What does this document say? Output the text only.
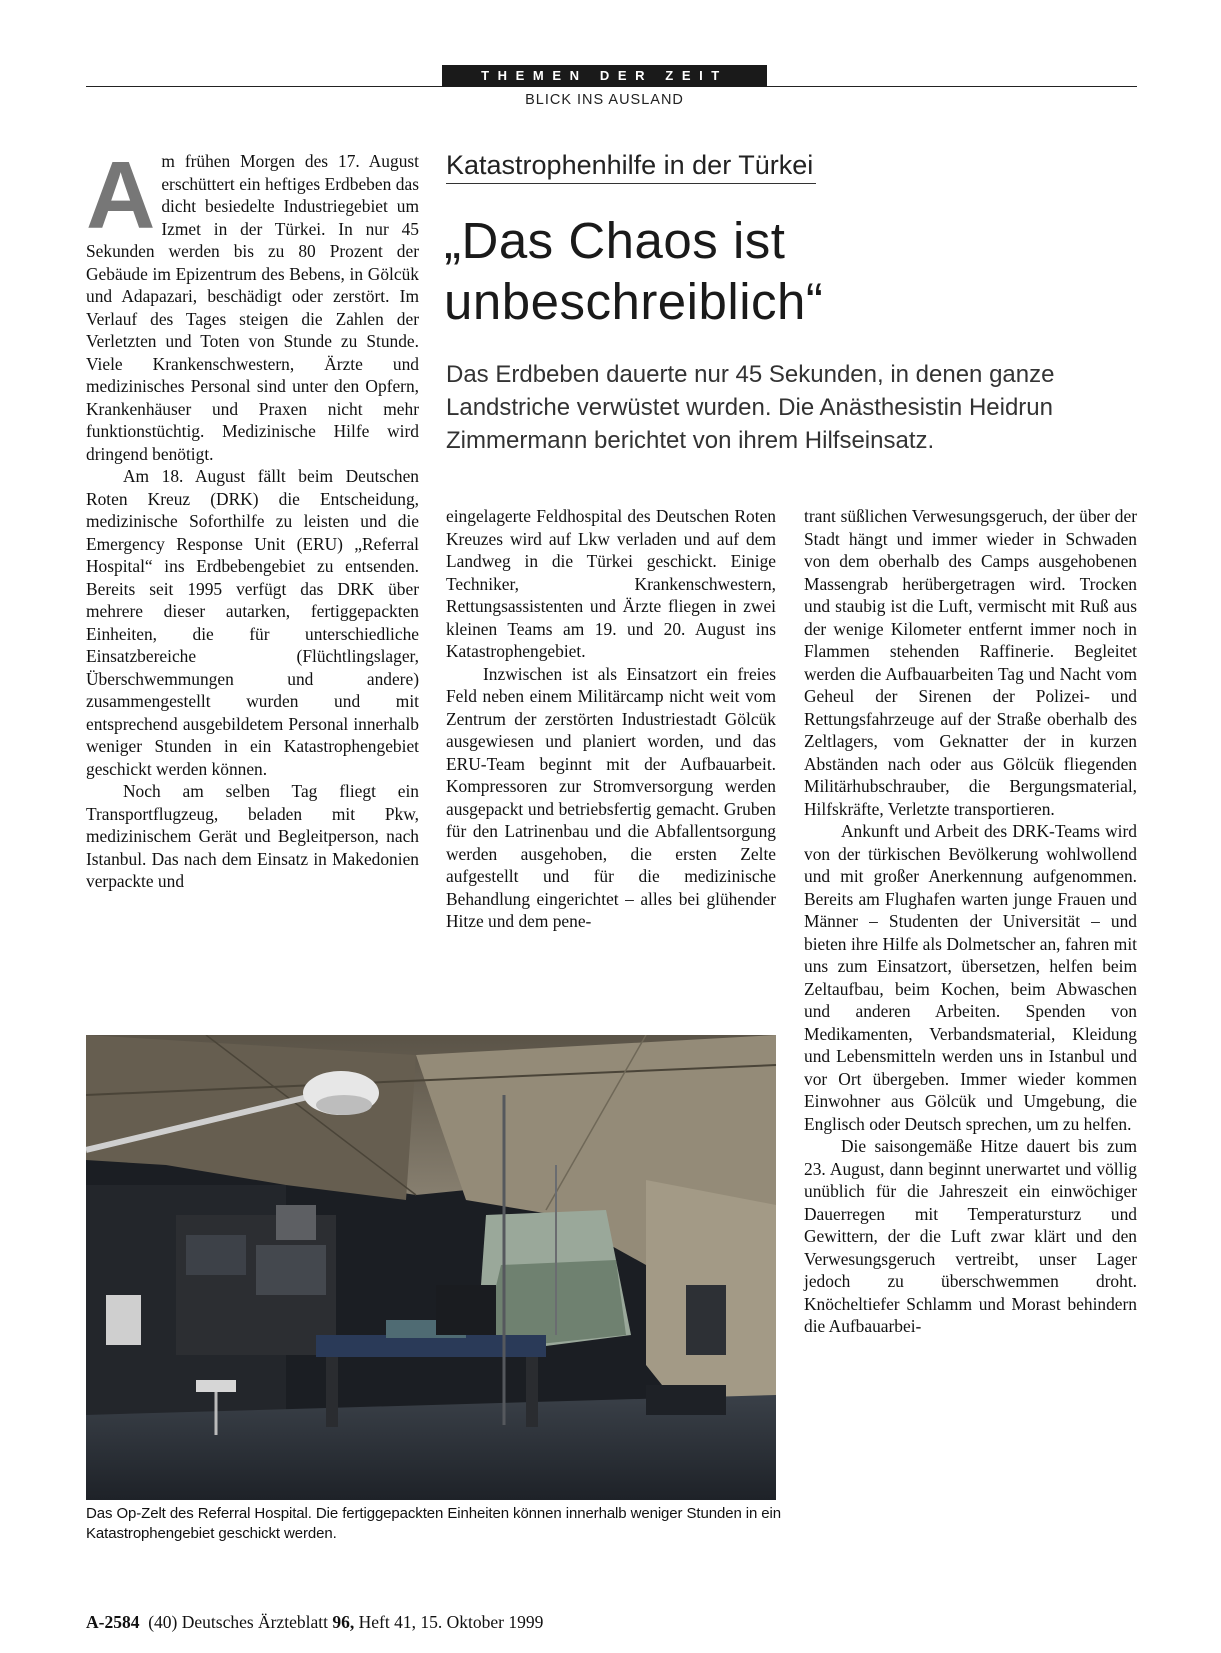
THEMEN DER ZEIT
BLICK INS AUSLAND

Am frühen Morgen des 17. August erschüttert ein heftiges Erdbeben das dicht besiedelte Industriegebiet um Izmet in der Türkei. In nur 45 Sekunden werden bis zu 80 Prozent der Gebäude im Epizentrum des Bebens, in Gölcük und Adapazari, beschädigt oder zerstört. Im Verlauf des Tages steigen die Zahlen der Verletzten und Toten von Stunde zu Stunde. Viele Krankenschwestern, Ärzte und medizinisches Personal sind unter den Opfern, Krankenhäuser und Praxen nicht mehr funktionstüchtig. Medizinische Hilfe wird dringend benötigt.

Am 18. August fällt beim Deutschen Roten Kreuz (DRK) die Entscheidung, medizinische Soforthilfe zu leisten und die Emergency Response Unit (ERU) „Referral Hospital“ ins Erdbebengebiet zu entsenden. Bereits seit 1995 verfügt das DRK über mehrere dieser autarken, fertiggepackten Einheiten, die für unterschiedliche Einsatzbereiche (Flüchtlingslager, Überschwemmungen und andere) zusammengestellt wurden und mit entsprechend ausgebildetem Personal innerhalb weniger Stunden in ein Katastrophengebiet geschickt werden können.

Noch am selben Tag fliegt ein Transportflugzeug, beladen mit Pkw, medizinischem Gerät und Begleitperson, nach Istanbul. Das nach dem Einsatz in Makedonien verpackte und

Katastrophenhilfe in der Türkei
„Das Chaos ist unbeschreiblich“
Das Erdbeben dauerte nur 45 Sekunden, in denen ganze Landstriche verwüstet wurden. Die Anästhesistin Heidrun Zimmermann berichtet von ihrem Hilfseinsatz.

eingelagerte Feldhospital des Deutschen Roten Kreuzes wird auf Lkw verladen und auf dem Landweg in die Türkei geschickt. Einige Techniker, Krankenschwestern, Rettungsassistenten und Ärzte fliegen in zwei kleinen Teams am 19. und 20. August ins Katastrophengebiet.

Inzwischen ist als Einsatzort ein freies Feld neben einem Militärcamp nicht weit vom Zentrum der zerstörten Industriestadt Gölcük ausgewiesen und planiert worden, und das ERU-Team beginnt mit der Aufbauarbeit. Kompressoren zur Stromversorgung werden ausgepackt und betriebsfertig gemacht. Gruben für den Latrinenbau und die Abfallentsorgung werden ausgehoben, die ersten Zelte aufgestellt und für die medizinische Behandlung eingerichtet – alles bei glühender Hitze und dem pene-

trant süßlichen Verwesungsgeruch, der über der Stadt hängt und immer wieder in Schwaden von dem oberhalb des Camps ausgehobenen Massengrab herübergetragen wird. Trocken und staubig ist die Luft, vermischt mit Ruß aus der wenige Kilometer entfernt immer noch in Flammen stehenden Raffinerie. Begleitet werden die Aufbauarbeiten Tag und Nacht vom Geheul der Sirenen der Polizei- und Rettungsfahrzeuge auf der Straße oberhalb des Zeltlagers, vom Geknatter der in kurzen Abständen nach oder aus Gölcük fliegenden Militärhubschrauber, die Bergungsmaterial, Hilfskräfte, Verletzte transportieren.

Ankunft und Arbeit des DRK-Teams wird von der türkischen Bevölkerung wohlwollend und mit großer Anerkennung aufgenommen. Bereits am Flughafen warten junge Frauen und Männer – Studenten der Universität – und bieten ihre Hilfe als Dolmetscher an, fahren mit uns zum Einsatzort, übersetzen, helfen beim Zeltaufbau, beim Kochen, beim Abwaschen und anderen Arbeiten. Spenden von Medikamenten, Verbandsmaterial, Kleidung und Lebensmitteln werden uns in Istanbul und vor Ort übergeben. Immer wieder kommen Einwohner aus Gölcük und Umgebung, die Englisch oder Deutsch sprechen, um zu helfen.

Die saisongemäße Hitze dauert bis zum 23. August, dann beginnt unerwartet und völlig unüblich für die Jahreszeit ein einwöchiger Dauerregen mit Temperatursturz und Gewittern, der die Luft zwar klärt und den Verwesungsgeruch vertreibt, unser Lager jedoch zu überschwemmen droht. Knöcheltiefer Schlamm und Morast behindern die Aufbauarbei-

Das Op-Zelt des Referral Hospital. Die fertiggepackten Einheiten können innerhalb weniger Stunden in ein Katastrophengebiet geschickt werden.
A-2584 (40) Deutsches Ärzteblatt 96, Heft 41, 15. Oktober 1999
